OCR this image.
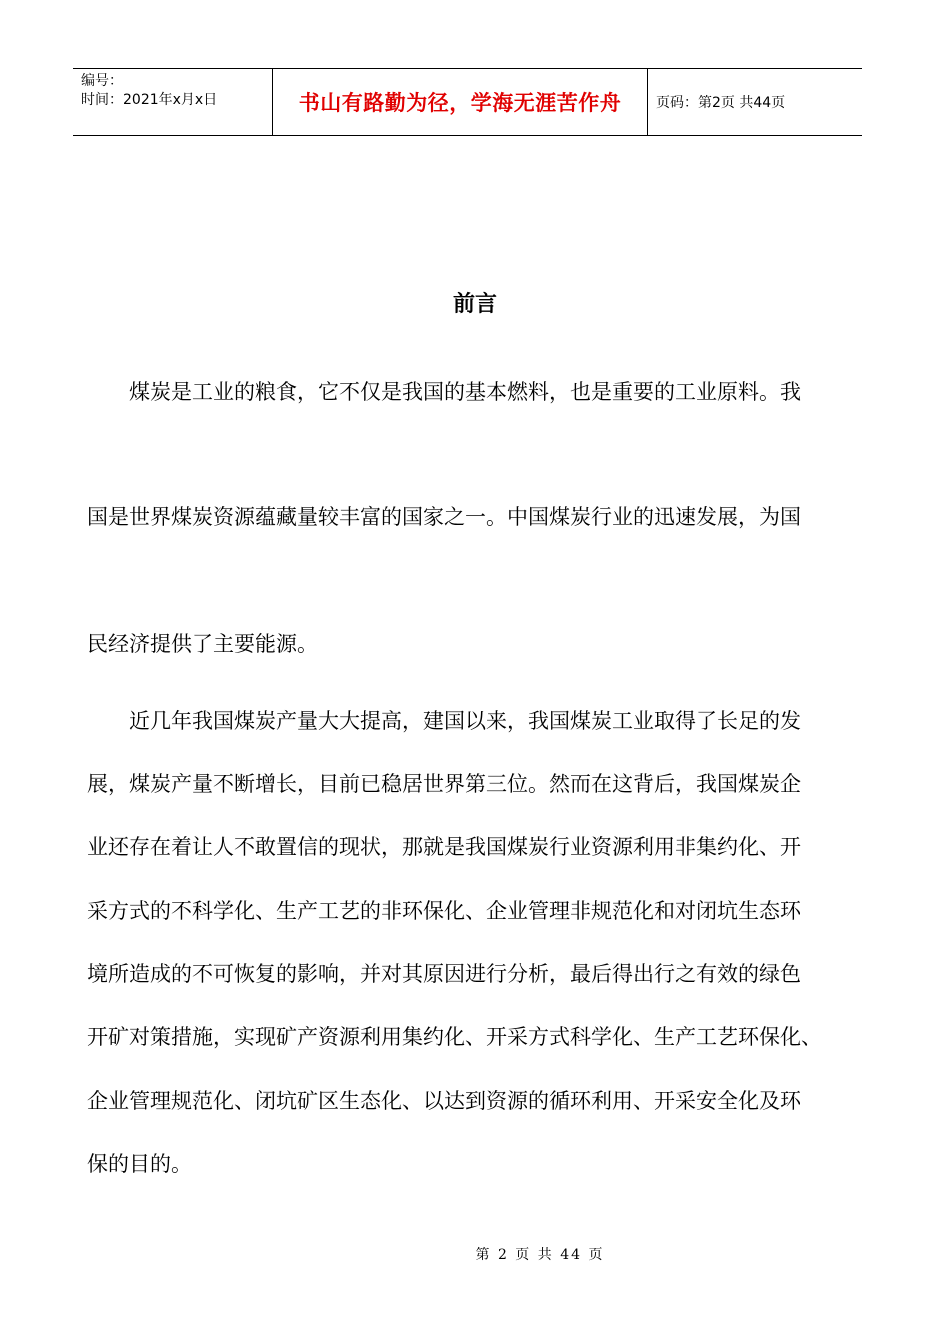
编号：
时间：2021年x月x日	书山有路勤为径，学海无涯苦作舟	页码：第2页 共44页
前言
煤炭是工业的粮食，它不仅是我国的基本燃料，也是重要的工业原料。我
国是世界煤炭资源蕴藏量较丰富的国家之一。中国煤炭行业的迅速发展，为国
民经济提供了主要能源。
近几年我国煤炭产量大大提高，建国以来，我国煤炭工业取得了长足的发
展，煤炭产量不断增长，目前已稳居世界第三位。然而在这背后，我国煤炭企
业还存在着让人不敢置信的现状，那就是我国煤炭行业资源利用非集约化、开
采方式的不科学化、生产工艺的非环保化、企业管理非规范化和对闭坑生态环
境所造成的不可恢复的影响，并对其原因进行分析，最后得出行之有效的绿色
开矿对策措施，实现矿产资源利用集约化、开采方式科学化、生产工艺环保化、
企业管理规范化、闭坑矿区生态化、以达到资源的循环利用、开采安全化及环
保的目的。
第 2 页 共 44 页
